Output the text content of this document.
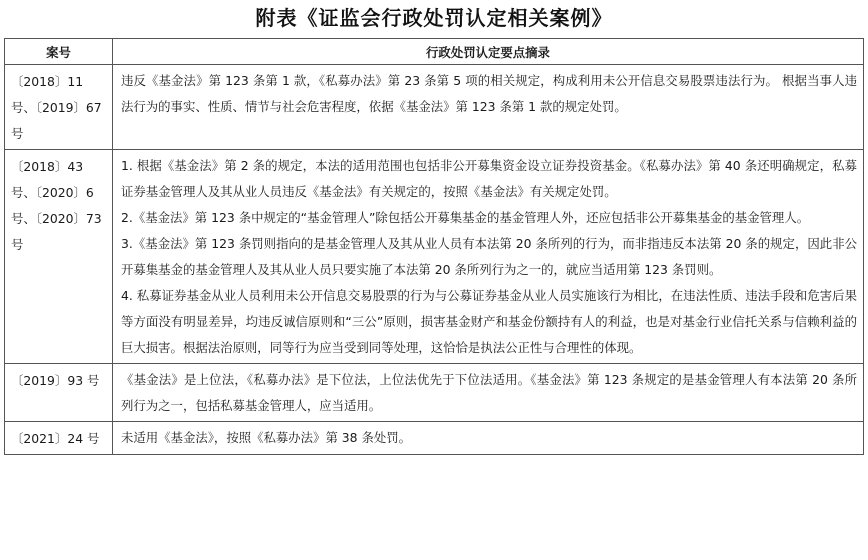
附表《证监会行政处罚认定相关案例》
案号	行政处罚认定要点摘录
〔2018〕11 号、〔2019〕67 号	违反《基金法》第 123 条第 1 款，《私募办法》第 23 条第 5 项的相关规定，构成利用未公开信息交易股票违法行为。 根据当事人违法行为的事实、性质、情节与社会危害程度，依据《基金法》第 123 条第 1 款的规定处罚。

〔2018〕43 号、〔2020〕6 号、〔2020〕73 号	1. 根据《基金法》第 2 条的规定，本法的适用范围也包括非公开募集资金设立证券投资基金。《私募办法》第 40 条还明确规定，私募证券基金管理人及其从业人员违反《基金法》有关规定的，按照《基金法》有关规定处罚。

2.《基金法》第 123 条中规定的“基金管理人”除包括公开募集基金的基金管理人外，还应包括非公开募集基金的基金管理人。

3.《基金法》第 123 条罚则指向的是基金管理人及其从业人员有本法第 20 条所列的行为，而非指违反本法第 20 条的规定，因此非公开募集基金的基金管理人及其从业人员只要实施了本法第 20 条所列行为之一的，就应当适用第 123 条罚则。

4. 私募证券基金从业人员利用未公开信息交易股票的行为与公募证券基金从业人员实施该行为相比，在违法性质、违法手段和危害后果等方面没有明显差异，均违反诚信原则和“三公”原则，损害基金财产和基金份额持有人的利益，也是对基金行业信托关系与信赖利益的巨大损害。根据法治原则，同等行为应当受到同等处理，这恰恰是执法公正性与合理性的体现。

〔2019〕93 号	《基金法》是上位法，《私募办法》是下位法，上位法优先于下位法适用。《基金法》第 123 条规定的是基金管理人有本法第 20 条所列行为之一，包括私募基金管理人，应当适用。

〔2021〕24 号	未适用《基金法》，按照《私募办法》第 38 条处罚。
